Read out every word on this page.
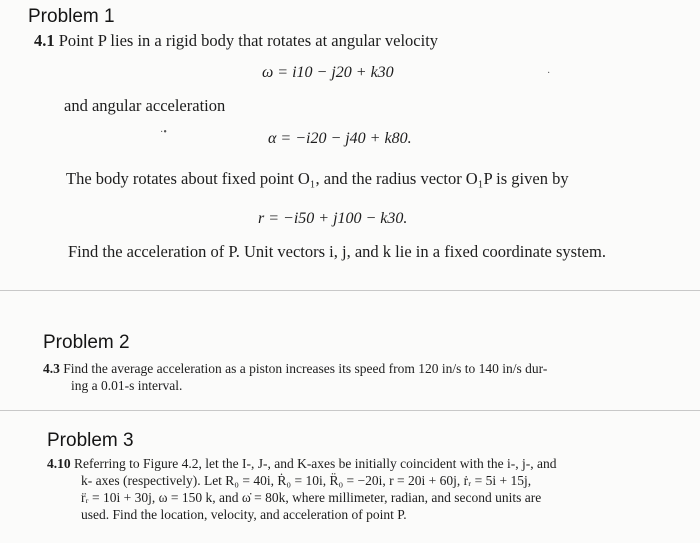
Problem 1
4.1 Point P lies in a rigid body that rotates at angular velocity
ω = i10 − j20 + k30	·
and angular acceleration
·•	α = −i20 − j40 + k80.
The body rotates about fixed point O₁, and the radius vector O₁P is given by
r = −i50 + j100 − k30.
Find the acceleration of P. Unit vectors i, j, and k lie in a fixed coordinate system.
Problem 2
4.3 Find the average acceleration as a piston increases its speed from 120 in/s to 140 in/s dur-
ing a 0.01-s interval.
Problem 3
4.10 Referring to Figure 4.2, let the I-, J-, and K-axes be initially coincident with the i-, j-, and
k- axes (respectively). Let R₀ = 40i, Ṙ₀ = 10i, R̈₀ = −20i, r = 20i + 60j, ṙᵣ = 5i + 15j,
r̈ᵣ = 10i + 30j, ω = 150 k, and ω̇ = 80k, where millimeter, radian, and second units are
used. Find the location, velocity, and acceleration of point P.
